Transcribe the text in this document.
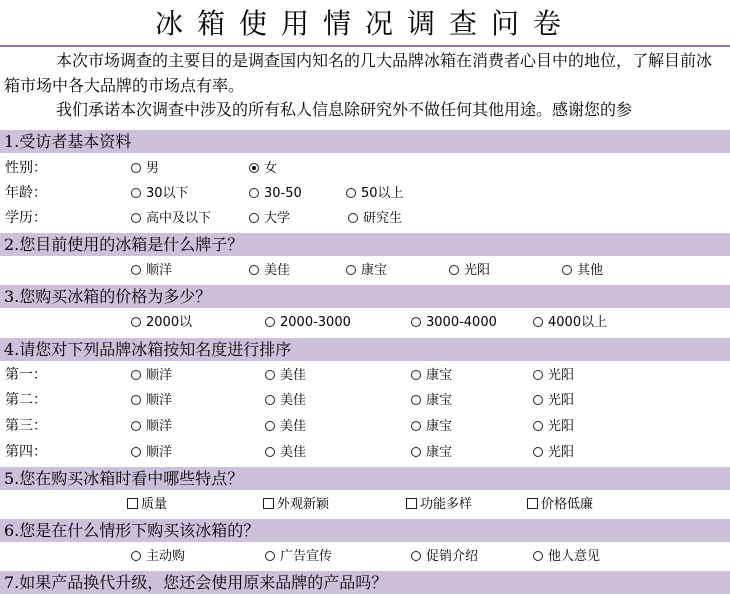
冰箱使用情况调查问卷

本次市场调查的主要目的是调查国内知名的几大品牌冰箱在消费者心目中的地位，了解目前冰箱市场中各大品牌的市场点有率。

我们承诺本次调查中涉及的所有私人信息除研究外不做任何其他用途。感谢您的参

1.受访者基本资料
性别：	男	女
年龄：	30以下	30-50	50以上
学历：	高中及以下	大学	研究生
2.您目前使用的冰箱是什么牌子？
顺洋	美佳	康宝	光阳	其他
3.您购买冰箱的价格为多少？
2000以	2000-3000	3000-4000	4000以上
4.请您对下列品牌冰箱按知名度进行排序
第一：	顺洋	美佳	康宝	光阳
第二：	顺洋	美佳	康宝	光阳
第三：	顺洋	美佳	康宝	光阳
第四：	顺洋	美佳	康宝	光阳
5.您在购买冰箱时看中哪些特点？
质量	外观新颖	功能多样	价格低廉
6.您是在什么情形下购买该冰箱的？
主动购	广告宣传	促销介绍	他人意见
7.如果产品换代升级，您还会使用原来品牌的产品吗？
